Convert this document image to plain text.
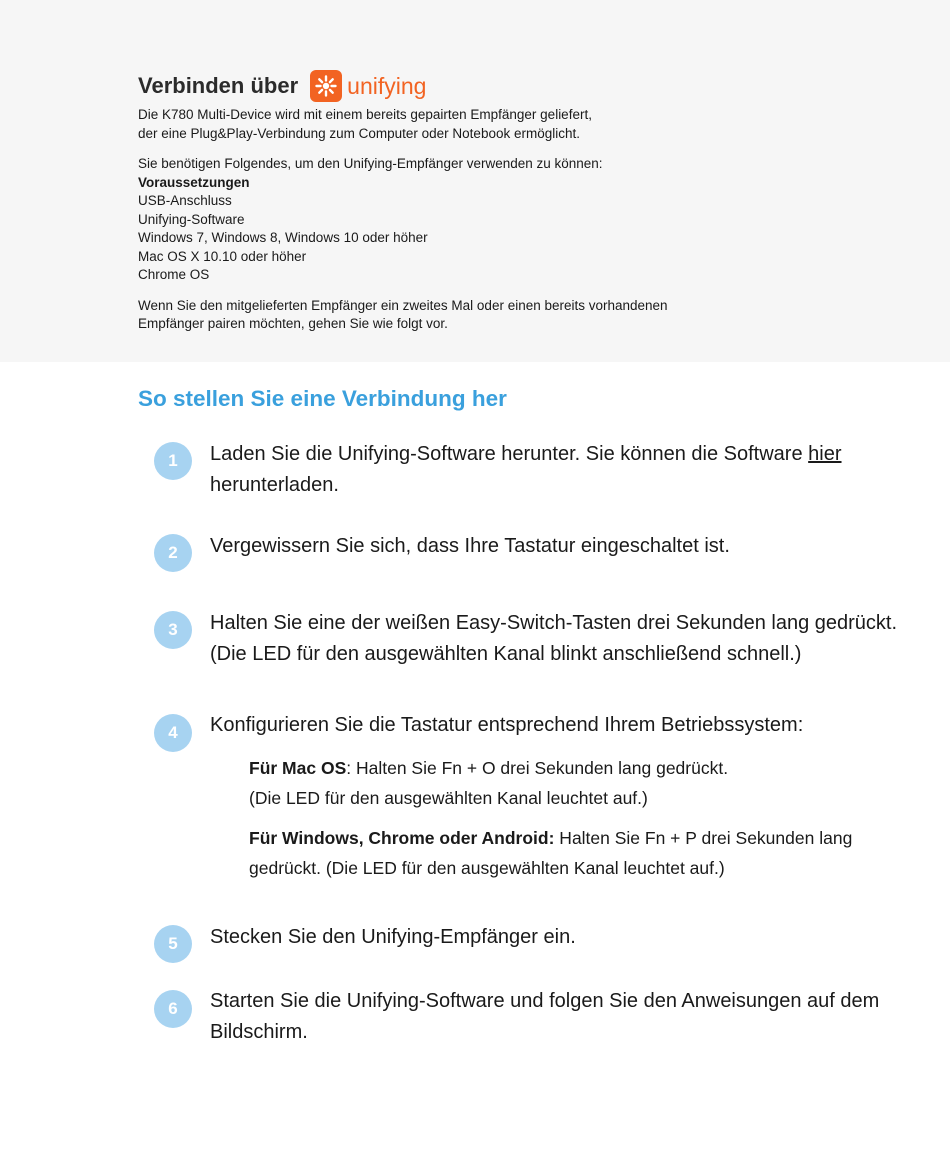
Verbinden über unifying

Die K780 Multi-Device wird mit einem bereits gepairten Empfänger geliefert,
der eine Plug&Play-Verbindung zum Computer oder Notebook ermöglicht.

Sie benötigen Folgendes, um den Unifying-Empfänger verwenden zu können:
Voraussetzungen
USB-Anschluss
Unifying-Software
Windows 7, Windows 8, Windows 10 oder höher
Mac OS X 10.10 oder höher
Chrome OS

Wenn Sie den mitgelieferten Empfänger ein zweites Mal oder einen bereits vorhandenen
Empfänger pairen möchten, gehen Sie wie folgt vor.

So stellen Sie eine Verbindung her
1	Laden Sie die Unifying-Software herunter. Sie können die Software hier herunterladen.

2	Vergewissern Sie sich, dass Ihre Tastatur eingeschaltet ist.

3	Halten Sie eine der weißen Easy-Switch-Tasten drei Sekunden lang gedrückt. (Die LED für den ausgewählten Kanal blinkt anschließend schnell.)

4	Konfigurieren Sie die Tastatur entsprechend Ihrem Betriebssystem:

Für Mac OS: Halten Sie Fn + O drei Sekunden lang gedrückt.
(Die LED für den ausgewählten Kanal leuchtet auf.)

Für Windows, Chrome oder Android: Halten Sie Fn + P drei Sekunden lang gedrückt. (Die LED für den ausgewählten Kanal leuchtet auf.)

5	Stecken Sie den Unifying-Empfänger ein.

6	Starten Sie die Unifying-Software und folgen Sie den Anweisungen auf dem Bildschirm.
